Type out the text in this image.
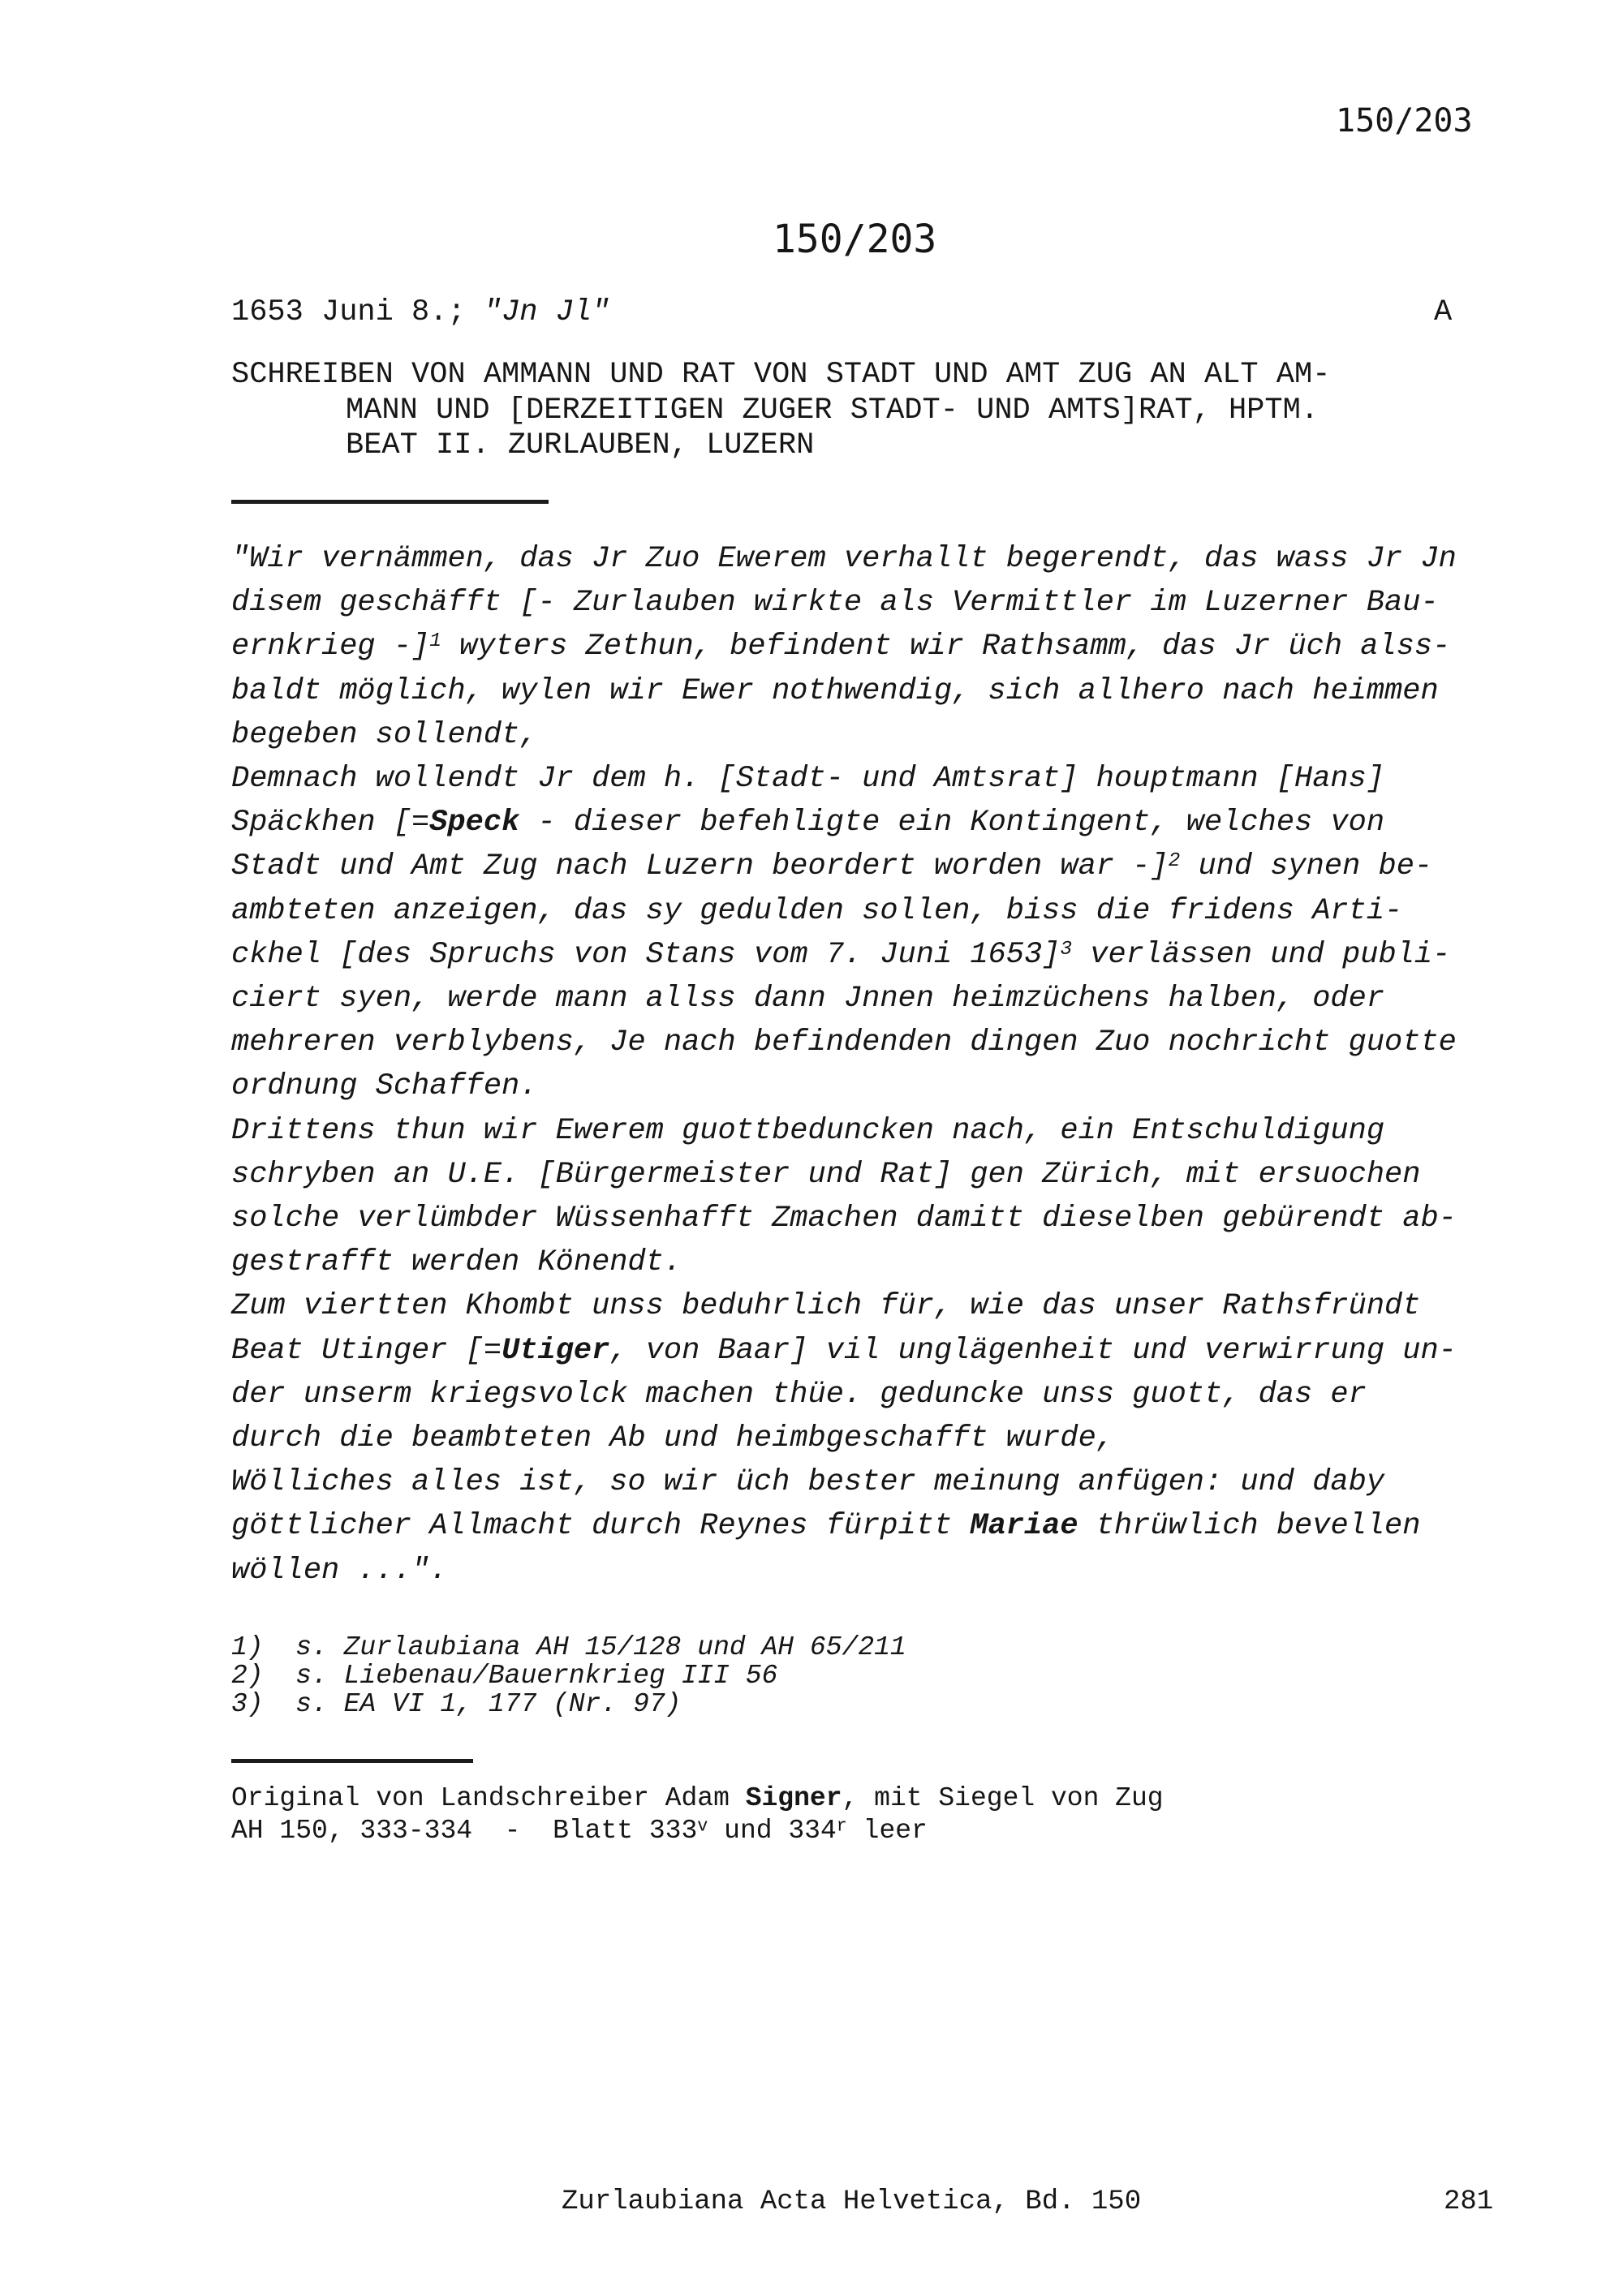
150/203
150/203
1653 Juni 8.; "Jn Jl"	A
SCHREIBEN VON AMMANN UND RAT VON STADT UND AMT ZUG AN ALT AM-
MANN UND [DERZEITIGEN ZUGER STADT- UND AMTS]RAT, HPTM.
BEAT II. ZURLAUBEN, LUZERN
"Wir vernämmen, das Jr Zuo Ewerem verhallt begerendt, das wass Jr Jn
disem geschäfft [- Zurlauben wirkte als Vermittler im Luzerner Bau-
ernkrieg -]$^1$ wyters Zethun, befindent wir Rathsamm, das Jr üch alss-
baldt möglich, wylen wir Ewer nothwendig, sich allhero nach heimmen
begeben sollendt,
Demnach wollendt Jr dem h. [Stadt- und Amtsrat] houptmann [Hans]
Späckhen [=Speck - dieser befehligte ein Kontingent, welches von
Stadt und Amt Zug nach Luzern beordert worden war -]$^2$ und synen be-
ambteten anzeigen, das sy gedulden sollen, biss die fridens Arti-
ckhel [des Spruchs von Stans vom 7. Juni 1653]$^3$ verlässen und publi-
ciert syen, werde mann allss dann Jnnen heimzüchens halben, oder
mehreren verblybens, Je nach befindenden dingen Zuo nochricht guotte
ordnung Schaffen.
Drittens thun wir Ewerem guottbeduncken nach, ein Entschuldigung
schryben an U.E. [Bürgermeister und Rat] gen Zürich, mit ersuochen
solche verlümbder Wüssenhafft Zmachen damitt dieselben gebürendt ab-
gestrafft werden Könendt.
Zum viertten Khombt unss beduhrlich für, wie das unser Rathsfründt
Beat Utinger [=Utiger, von Baar] vil unglägenheit und verwirrung un-
der unserm kriegsvolck machen thüe. geduncke unss guott, das er
durch die beambteten Ab und heimbgeschafft wurde,
Wölliches alles ist, so wir üch bester meinung anfügen: und daby
göttlicher Allmacht durch Reynes fürpitt Mariae thrüwlich bevellen
wöllen ...".
1)  s. Zurlaubiana AH 15/128 und AH 65/211
2)  s. Liebenau/Bauernkrieg III 56
3)  s. EA VI 1, 177 (Nr. 97)
Original von Landschreiber Adam Signer, mit Siegel von Zug
AH 150, 333-334  -  Blatt 333$^v$ und 334$^r$ leer
Zurlaubiana Acta Helvetica, Bd. 150	281
